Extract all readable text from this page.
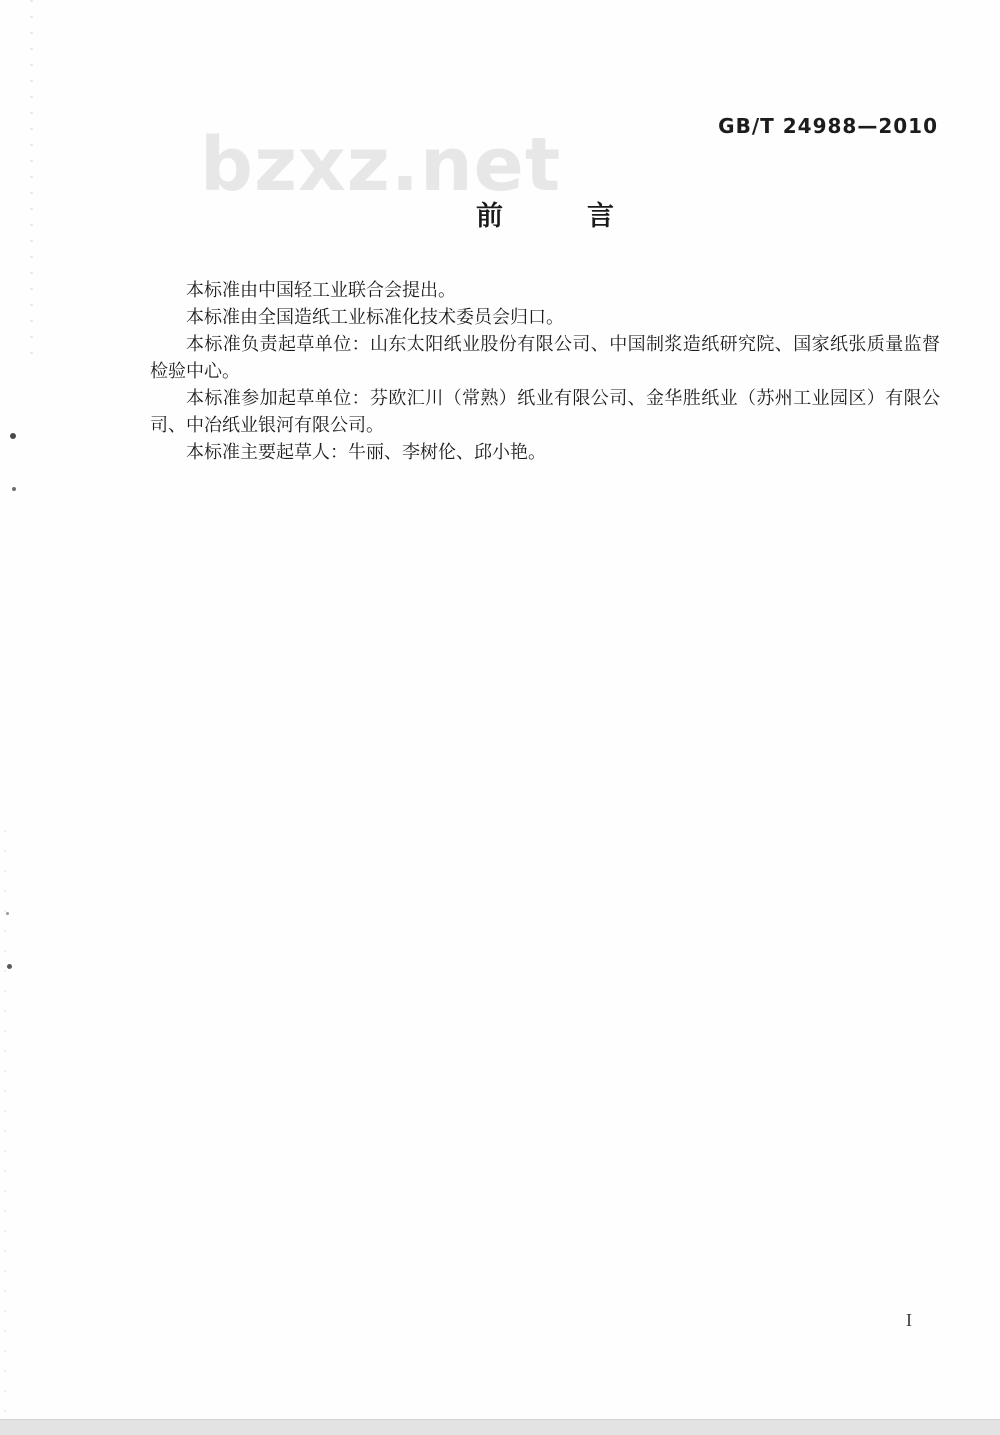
GB/T 24988—2010
bzxz.net
前	言

本标准由中国轻工业联合会提出。

本标准由全国造纸工业标准化技术委员会归口。

本标准负责起草单位：山东太阳纸业股份有限公司、中国制浆造纸研究院、国家纸张质量监督检验中心。

本标准参加起草单位：芬欧汇川（常熟）纸业有限公司、金华胜纸业（苏州工业园区）有限公司、中冶纸业银河有限公司。

本标准主要起草人：牛丽、李树伦、邱小艳。

I
